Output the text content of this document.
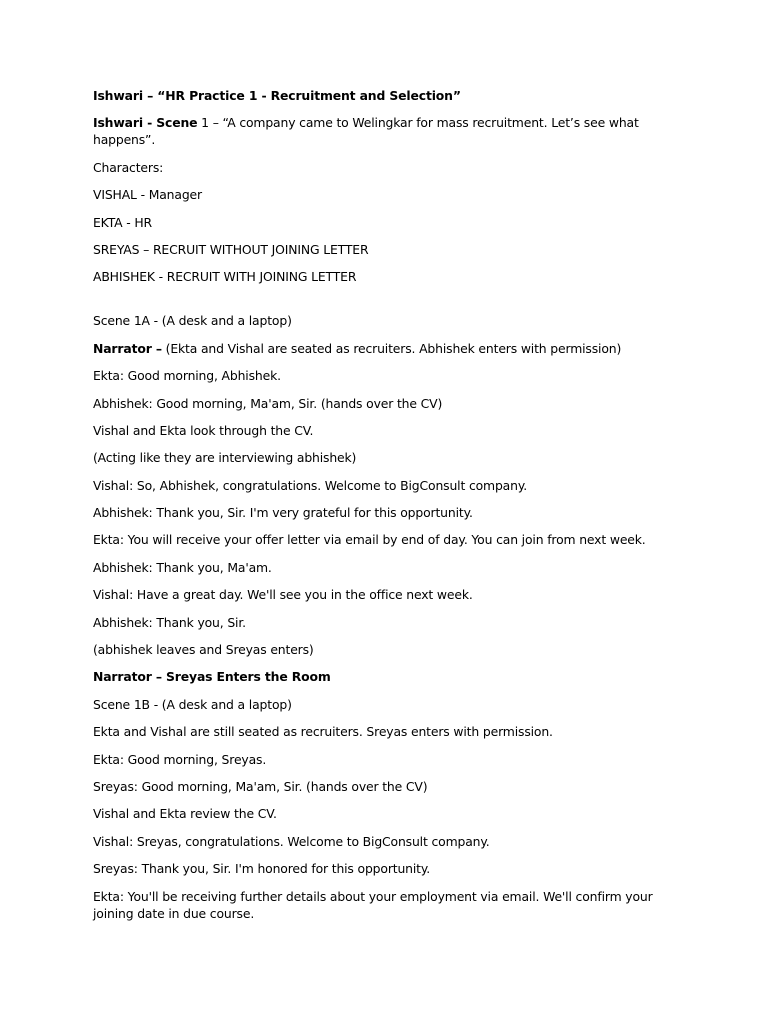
Ishwari – “HR Practice 1 - Recruitment and Selection”

Ishwari - Scene 1 – “A company came to Welingkar for mass recruitment. Let’s see what happens”.

Characters:

VISHAL - Manager

EKTA - HR

SREYAS – RECRUIT WITHOUT JOINING LETTER

ABHISHEK - RECRUIT WITH JOINING LETTER

Scene 1A - (A desk and a laptop)

Narrator – (Ekta and Vishal are seated as recruiters. Abhishek enters with permission)

Ekta: Good morning, Abhishek.

Abhishek: Good morning, Ma'am, Sir. (hands over the CV)

Vishal and Ekta look through the CV.

(Acting like they are interviewing abhishek)

Vishal: So, Abhishek, congratulations. Welcome to BigConsult company.

Abhishek: Thank you, Sir. I'm very grateful for this opportunity.

Ekta: You will receive your offer letter via email by end of day. You can join from next week.

Abhishek: Thank you, Ma'am.

Vishal: Have a great day. We'll see you in the office next week.

Abhishek: Thank you, Sir.

(abhishek leaves and Sreyas enters)

Narrator – Sreyas Enters the Room

Scene 1B - (A desk and a laptop)

Ekta and Vishal are still seated as recruiters. Sreyas enters with permission.

Ekta: Good morning, Sreyas.

Sreyas: Good morning, Ma'am, Sir. (hands over the CV)

Vishal and Ekta review the CV.

Vishal: Sreyas, congratulations. Welcome to BigConsult company.

Sreyas: Thank you, Sir. I'm honored for this opportunity.

Ekta: You'll be receiving further details about your employment via email. We'll confirm your joining date in due course.
